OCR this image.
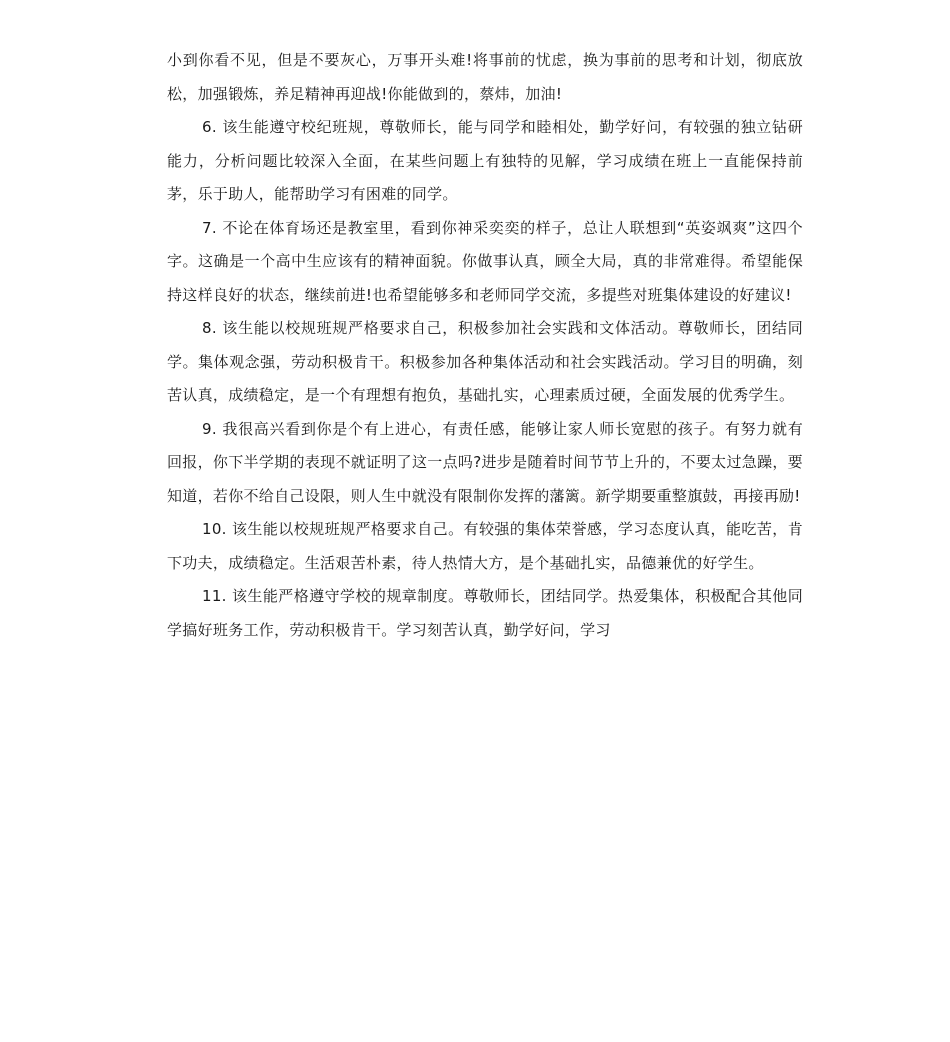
小到你看不见，但是不要灰心，万事开头难!将事前的忧虑，换为事前的思考和计划，彻底放松，加强锻炼，养足精神再迎战!你能做到的，蔡炜，加油!

6. 该生能遵守校纪班规，尊敬师长，能与同学和睦相处，勤学好问，有较强的独立钻研能力，分析问题比较深入全面，在某些问题上有独特的见解，学习成绩在班上一直能保持前茅，乐于助人，能帮助学习有困难的同学。

7. 不论在体育场还是教室里，看到你神采奕奕的样子，总让人联想到“英姿飒爽”这四个字。这确是一个高中生应该有的精神面貌。你做事认真，顾全大局，真的非常难得。希望能保持这样良好的状态，继续前进!也希望能够多和老师同学交流，多提些对班集体建设的好建议!

8. 该生能以校规班规严格要求自己，积极参加社会实践和文体活动。尊敬师长，团结同学。集体观念强，劳动积极肯干。积极参加各种集体活动和社会实践活动。学习目的明确，刻苦认真，成绩稳定，是一个有理想有抱负，基础扎实，心理素质过硬，全面发展的优秀学生。

9. 我很高兴看到你是个有上进心，有责任感，能够让家人师长宽慰的孩子。有努力就有回报，你下半学期的表现不就证明了这一点吗?进步是随着时间节节上升的，不要太过急躁，要知道，若你不给自己设限，则人生中就没有限制你发挥的藩篱。新学期要重整旗鼓，再接再励!

10. 该生能以校规班规严格要求自己。有较强的集体荣誉感，学习态度认真，能吃苦，肯下功夫，成绩稳定。生活艰苦朴素，待人热情大方，是个基础扎实，品德兼优的好学生。

11. 该生能严格遵守学校的规章制度。尊敬师长，团结同学。热爱集体，积极配合其他同学搞好班务工作，劳动积极肯干。学习刻苦认真，勤学好问，学习
